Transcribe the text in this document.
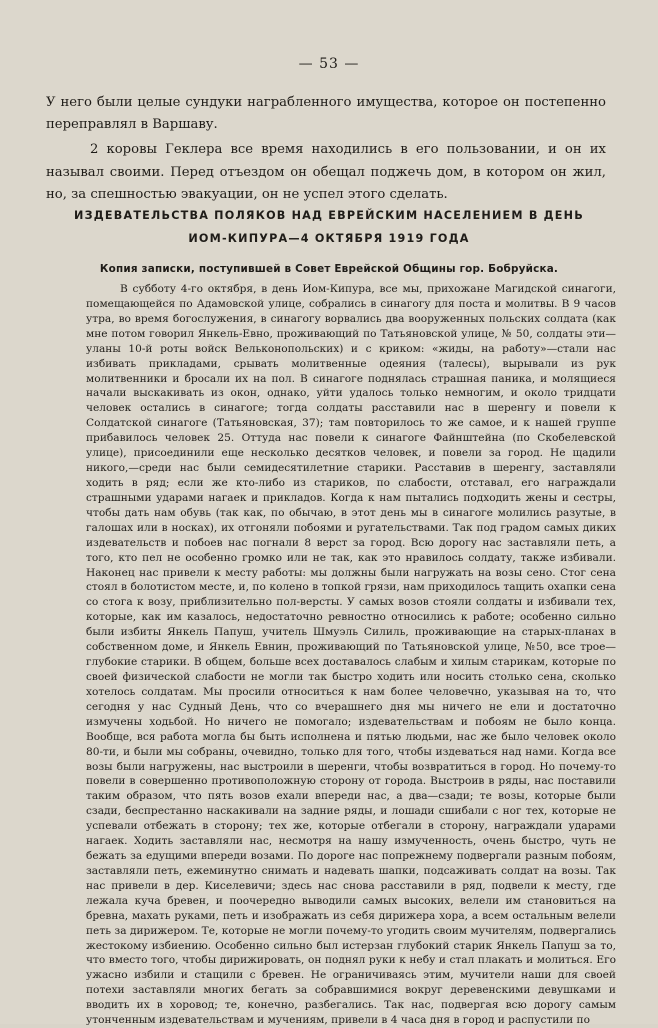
— 53 —

У него были целые сундуки награбленного имущества, которое он постепенно переправлял в Варшаву.

2 коровы Геклера все время находились в его пользовании, и он их называл своими. Перед отъездом он обещал поджечь дом, в котором он жил, но, за спешностью эвакуации, он не успел этого сделать.

ИЗДЕВАТЕЛЬСТВА ПОЛЯКОВ НАД ЕВРЕЙСКИМ НАСЕЛЕНИЕМ В ДЕНЬ
ИОМ-КИПУРА—4 ОКТЯБРЯ 1919 ГОДА
Копия записки, поступившей в Совет Еврейской Общины гор. Бобруйска.

В субботу 4-го октября, в день Иом-Кипура, все мы, прихожане Магидской синагоги, помещающейся по Адамовской улице, собрались в синагогу для поста и молитвы. В 9 часов утра, во время богослужения, в синагогу ворвались два вооруженных польских солдата (как мне потом говорил Янкель-Евно, проживающий по Татьяновской улице, № 50, солдаты эти—уланы 10-й роты войск Вельконопольских) и с криком: «жиды, на работу»—стали нас избивать прикладами, срывать молитвенные одеяния (талесы), вырывали из рук молитвенники и бросали их на пол. В синагоге поднялась страшная паника, и молящиеся начали выскакивать из окон, однако, уйти удалось только немногим, и около тридцати человек остались в синагоге; тогда солдаты расставили нас в шеренгу и повели к Солдатской синагоге (Татьяновская, 37); там повторилось то же самое, и к нашей группе прибавилось человек 25. Оттуда нас повели к синагоге Файнштейна (по Скобелевской улице), присоединили еще несколько десятков человек, и повели за город. Не щадили никого,—среди нас были семидесятилетние старики. Расставив в шеренгу, заставляли ходить в ряд; если же кто-либо из стариков, по слабости, отставал, его награждали страшными ударами нагаек и прикладов. Когда к нам пытались подходить жены и сестры, чтобы дать нам обувь (так как, по обычаю, в этот день мы в синагоге молились разутые, в галошах или в носках), их отгоняли побоями и ругательствами. Так под градом самых диких издевательств и побоев нас погнали 8 верст за город. Всю дорогу нас заставляли петь, а того, кто пел не особенно громко или не так, как это нравилось солдату, также избивали. Наконец нас привели к месту работы: мы должны были нагружать на возы сено. Стог сена стоял в болотистом месте, и, по колено в топкой грязи, нам приходилось тащить охапки сена со стога к возу, приблизительно пол-версты. У самых возов стояли солдаты и избивали тех, которые, как им казалось, недостаточно ревностно относились к работе; особенно сильно были избиты Янкель Папуш, учитель Шмуэль Силиль, проживающие на старых-планах в собственном доме, и Янкель Евнин, проживающий по Татьяновской улице, №50, все трое—глубокие старики. В общем, больше всех доставалось слабым и хилым старикам, которые по своей физической слабости не могли так быстро ходить или носить столько сена, сколько хотелось солдатам. Мы просили относиться к нам более человечно, указывая на то, что сегодня у нас Судный День, что со вчерашнего дня мы ничего не ели и достаточно измучены ходьбой. Но ничего не помогало; издевательствам и побоям не было конца. Вообще, вся работа могла бы быть исполнена и пятью людьми, нас же было человек около 80-ти, и были мы собраны, очевидно, только для того, чтобы издеваться над нами. Когда все возы были нагружены, нас выстроили в шеренги, чтобы возвратиться в город. Но почему-то повели в совершенно противоположную сторону от города. Выстроив в ряды, нас поставили таким образом, что пять возов ехали впереди нас, а два—сзади; те возы, которые были сзади, беспрестанно наскакивали на задние ряды, и лошади сшибали с ног тех, которые не успевали отбежать в сторону; тех же, которые отбегали в сторону, награждали ударами нагаек. Ходить заставляли нас, несмотря на нашу измученность, очень быстро, чуть не бежать за едущими впереди возами. По дороге нас попрежнему подвергали разным побоям, заставляли петь, ежеминутно снимать и надевать шапки, подсаживать солдат на возы. Так нас привели в дер. Киселевичи; здесь нас снова расставили в ряд, подвели к месту, где лежала куча бревен, и поочередно выводили самых высоких, велели им становиться на бревна, махать руками, петь и изображать из себя дирижера хора, а всем остальным велели петь за дирижером. Те, которые не могли почему-то угодить своим мучителям, подвергались жестокому избиению. Особенно сильно был истерзан глубокий старик Янкель Папуш за то, что вместо того, чтобы дирижировать, он поднял руки к небу и стал плакать и молиться. Его ужасно избили и стащили с бревен. Не ограничиваясь этим, мучители наши для своей потехи заставляли многих бегать за собравшимися вокруг деревенскими девушками и вводить их в хоровод; те, конечно, разбегались. Так нас, подвергая всю дорогу самым утонченным издевательствам и мучениям, привели в 4 часа дня в город и распустили по
